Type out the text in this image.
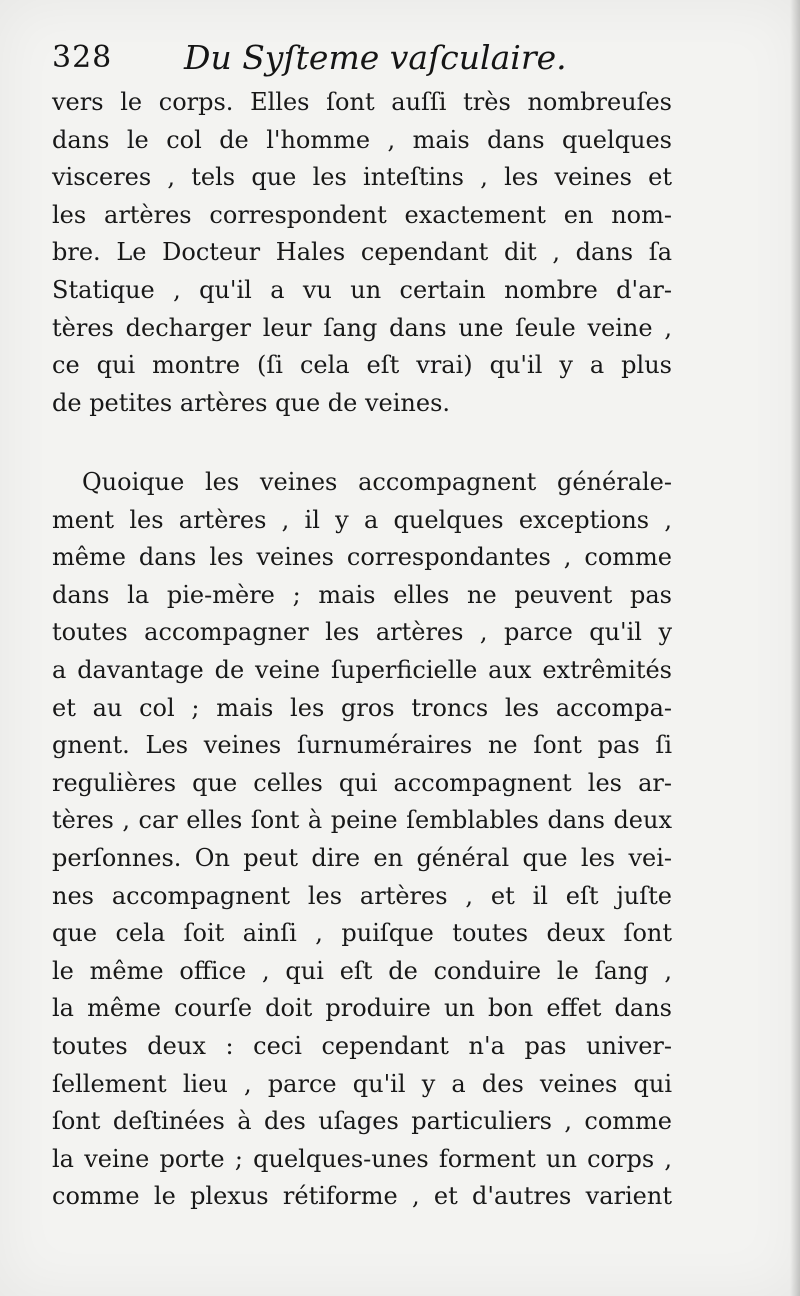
328 Du Syſteme vaſculaire.
vers le corps. Elles ſont auſſi très nombreuſes
dans le col de l'homme , mais dans quelques
visceres , tels que les inteſtins , les veines et
les artères correspondent exactement en nom-
bre. Le Docteur Hales cependant dit , dans ſa
Statique , qu'il a vu un certain nombre d'ar-
tères decharger leur ſang dans une ſeule veine ,
ce qui montre (ſi cela eſt vrai) qu'il y a plus
de petites artères que de veines.
Quoique les veines accompagnent générale-
ment les artères , il y a quelques exceptions ,
même dans les veines correspondantes , comme
dans la pie-mère ; mais elles ne peuvent pas
toutes accompagner les artères , parce qu'il y
a davantage de veine ſuperficielle aux extrêmités
et au col ; mais les gros troncs les accompa-
gnent. Les veines ſurnuméraires ne ſont pas ſi
regulières que celles qui accompagnent les ar-
tères , car elles ſont à peine ſemblables dans deux
perſonnes. On peut dire en général que les vei-
nes accompagnent les artères , et il eſt juſte
que cela ſoit ainſi , puiſque toutes deux ſont
le même office , qui eſt de conduire le ſang ,
la même courſe doit produire un bon effet dans
toutes deux : ceci cependant n'a pas univer-
ſellement lieu , parce qu'il y a des veines qui
ſont deſtinées à des uſages particuliers , comme
la veine porte ; quelques-unes forment un corps ,
comme le plexus rétiforme , et d'autres varient
